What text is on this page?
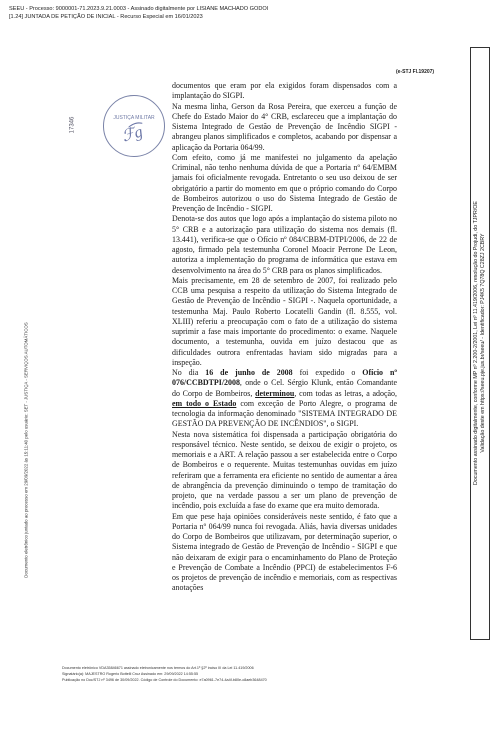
SEEU - Processo: 9000001-71.2023.9.21.0003 - Assinado digitalmente por LISIANE MACHADO GODOI
[1.24] JUNTADA DE PETIÇÃO DE INICIAL - Recurso Especial em 16/01/2023
(e-STJ Fl.19207)
17346	JUSTIÇA MILITAR
ℱ͡g

documentos que eram por ela exigidos foram dispensados com a implantação do SIGPI.

Na mesma linha, Gerson da Rosa Pereira, que exerceu a função de Chefe do Estado Maior do 4° CRB, esclareceu que a implantação do Sistema Integrado de Gestão de Prevenção de Incêndio SIGPI - abrangeu planos simplificados e completos, acabando por dispensar a aplicação da Portaria 064/99.

Com efeito, como já me manifestei no julgamento da apelação Criminal, não tenho nenhuma dúvida de que a Portaria nº 64/EMBM jamais foi oficialmente revogada. Entretanto o seu uso deixou de ser obrigatório a partir do momento em que o próprio comando do Corpo de Bombeiros autorizou o uso do Sistema Integrado de Gestão de Prevenção de Incêndio - SIGPI.

Denota-se dos autos que logo após a implantação do sistema piloto no 5° CRB e a autorização para utilização do sistema nos demais (fl. 13.441), verifica-se que o Ofício nº 084/CBBM-DTPI/2006, de 22 de agosto, firmado pela testemunha Coronel Moacir Perrone De Leon, autoriza a implementação do programa de informática que estava em desenvolvimento na área do 5° CRB para os planos simplificados.

Mais precisamente, em 28 de setembro de 2007, foi realizado pelo CCB uma pesquisa a respeito da utilização do Sistema Integrado de Gestão de Prevenção de Incêndio - SIGPI -. Naquela oportunidade, a testemunha Maj. Paulo Roberto Locatelli Gandin (fl. 8.555, vol. XLIII) referiu a preocupação com o fato de a utilização do sistema suprimir a fase mais importante do procedimento: o exame. Naquele documento, a testemunha, ouvida em juízo destacou que as dificuldades outrora enfrentadas haviam sido migradas para a inspeção.

No dia 16 de junho de 2008 foi expedido o Ofício nº 076/CCBDTPI/2008, onde o Cel. Sérgio Klunk, então Comandante do Corpo de Bombeiros, determinou, com todas as letras, a adoção, em todo o Estado com exceção de Porto Alegre, o programa de tecnologia da informação denominado "SISTEMA INTEGRADO DE GESTÃO DA PREVENÇÃO DE INCÊNDIOS", o SIGPI.

Nesta nova sistemática foi dispensada a participação obrigatória do responsável técnico. Neste sentido, se deixou de exigir o projeto, os memoriais e a ART. A relação passou a ser estabelecida entre o Corpo de Bombeiros e o requerente. Muitas testemunhas ouvidas em juízo referiram que a ferramenta era eficiente no sentido de aumentar a área de abrangência da prevenção diminuindo o tempo de tramitação do projeto, que na verdade passou a ser um plano de prevenção de incêndio, pois excluída a fase do exame que era muito demorada.

Em que pese haja opiniões consideráveis neste sentido, é fato que a Portaria nº 064/99 nunca foi revogada. Aliás, havia diversas unidades do Corpo de Bombeiros que utilizavam, por determinação superior, o Sistema integrado de Gestão de Prevenção de Incêndio - SIGPI e que não deixaram de exigir para o encaminhamento do Plano de Proteção e Prevenção de Combate a Incêndio (PPCI) de estabelecimentos F-6 os projetos de prevenção de incêndio e memoriais, com as respectivas anotações

Documento assinado digitalmente, conforme MP nº 2.200-2/2001, Lei nº 11.419/2006, resolução do Projudi, do TJPR/OE Validação deste em https://seeu.pje.jus.br/seeu/ - Identificador: PJ4K5 7Q78Q C28ZJ 2CBRY
Documento eletrônico juntado ao processo em 29/09/2022 às 15:11:40 pelo usuário: SET - JUSTIÇA - SERVIÇOS AUTOMÁTICOS
Documento eletrônico VDA35846671 assinado eletronicamente nos termos do Art.1º §2º inciso III da Lei 11.419/2006
Signatário(a): MAJESTRO Rogerio Bottelli Cruz Assinado em: 29/09/2022 14:55:55
Publicação no Doc/STJ nº 3496 de 30/09/2022. Código de Controle do Documento: e7a0961-7e74-4a4f-b80e-c8aeb3648470
